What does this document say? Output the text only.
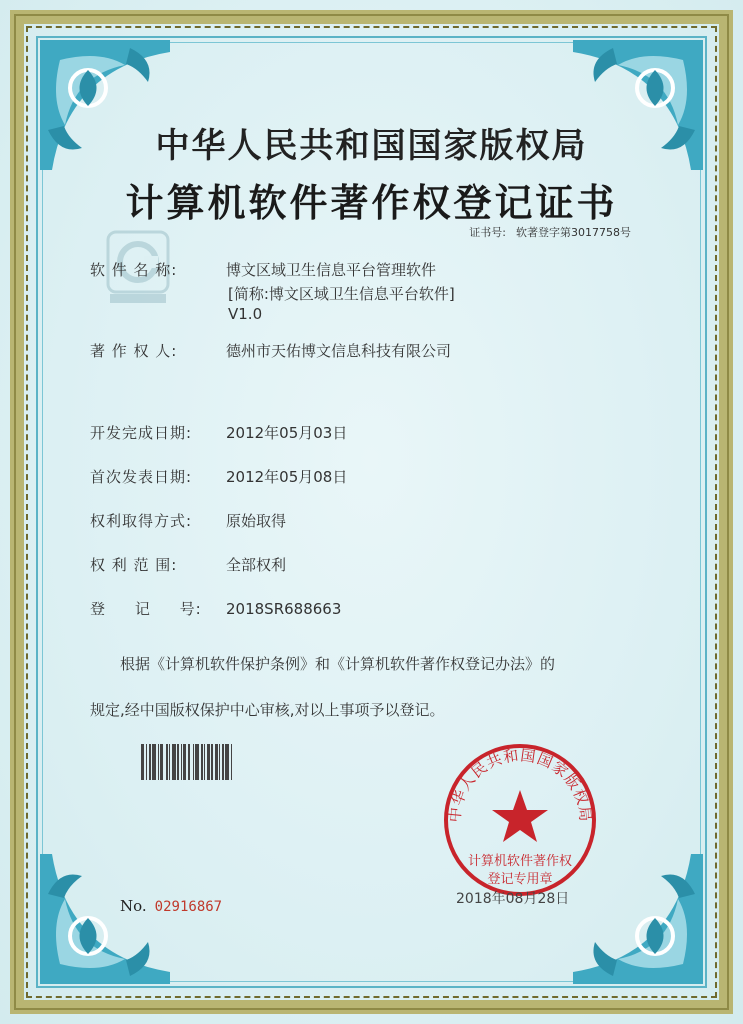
中华人民共和国国家版权局
计算机软件著作权登记证书
证书号: 软著登字第3017758号
软 件 名 称:	博文区域卫生信息平台管理软件
[简称:博文区域卫生信息平台软件]
V1.0
著 作 权 人:	德州市天佑博文信息科技有限公司
开发完成日期: 2012年05月03日
首次发表日期: 2012年05月08日
权利取得方式: 原始取得
权 利 范 围:	全部权利
登     记     号: 2018SR688663
根据《计算机软件保护条例》和《计算机软件著作权登记办法》的
规定,经中国版权保护中心审核,对以上事项予以登记。
中华人民共和国国家版权局
计算机软件著作权
登记专用章
2018年08月28日
No. 02916867
